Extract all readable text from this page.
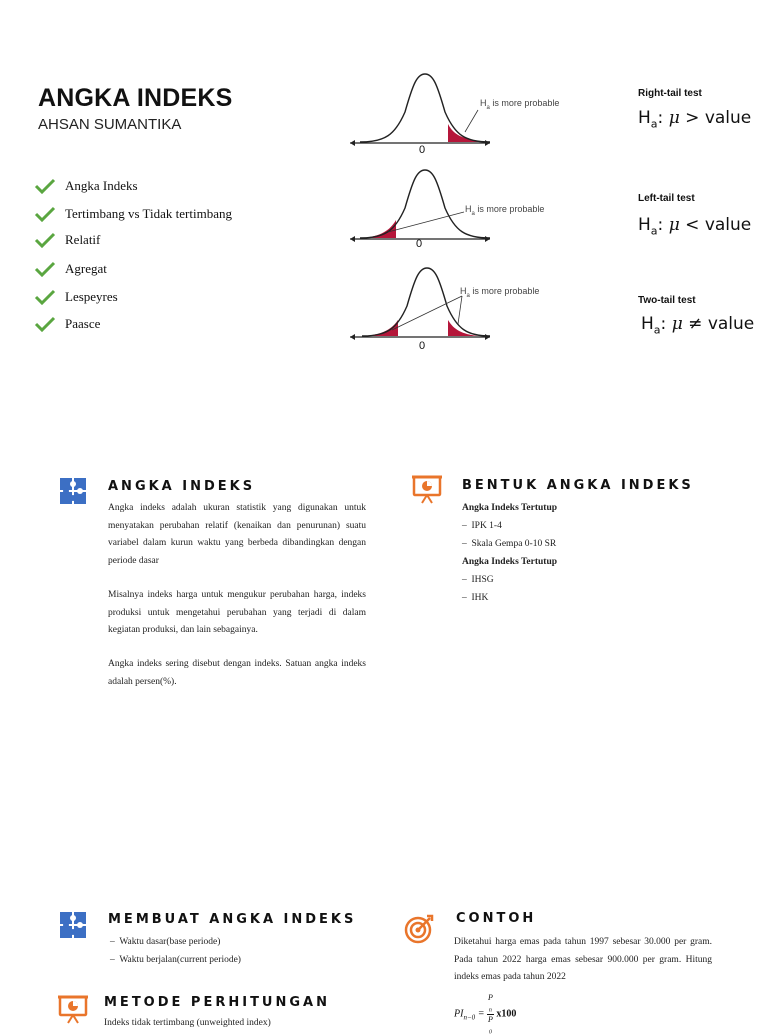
ANGKA INDEKS
AHSAN SUMANTIKA
Angka Indeks
Tertimbang vs Tidak tertimbang
Relatif
Agregat
Lespeyres
Paasce
$H_a$ is more probable
0
Right-tail test
$H_a$: μ > value
$H_a$ is more probable
0
Left-tail test
$H_a$: μ < value
$H_a$ is more probable
0
Two-tail test
$H_a$: μ ≠ value
ANGKA INDEKS
Angka indeks adalah ukuran statistik yang digunakan untuk menyatakan perubahan relatif (kenaikan dan penurunan) suatu variabel dalam kurun waktu yang berbeda dibandingkan dengan periode dasar
Misalnya indeks harga untuk mengukur perubahan harga, indeks produksi untuk mengetahui perubahan yang terjadi di dalam kegiatan produksi, dan lain sebagainya.
Angka indeks sering disebut dengan indeks. Satuan angka indeks adalah persen(%).
BENTUK ANGKA INDEKS
Angka Indeks Tertutup
–  IPK 1-4
–  Skala Gempa 0-10 SR
Angka Indeks Tertutup
–  IHSG
–  IHK
MEMBUAT ANGKA INDEKS
–  Waktu dasar(base periode)
–  Waktu berjalan(current periode)
CONTOH
Diketahui harga emas pada tahun 1997 sebesar 30.000 per gram. Pada tahun 2022 harga emas sebesar 900.000 per gram. Hitung indeks emas pada tahun 2022
$PI_{n-0} = P$
$_n$
P
$_0$ x100
METODE PERHITUNGAN
Indeks tidak tertimbang (unweighted index)
